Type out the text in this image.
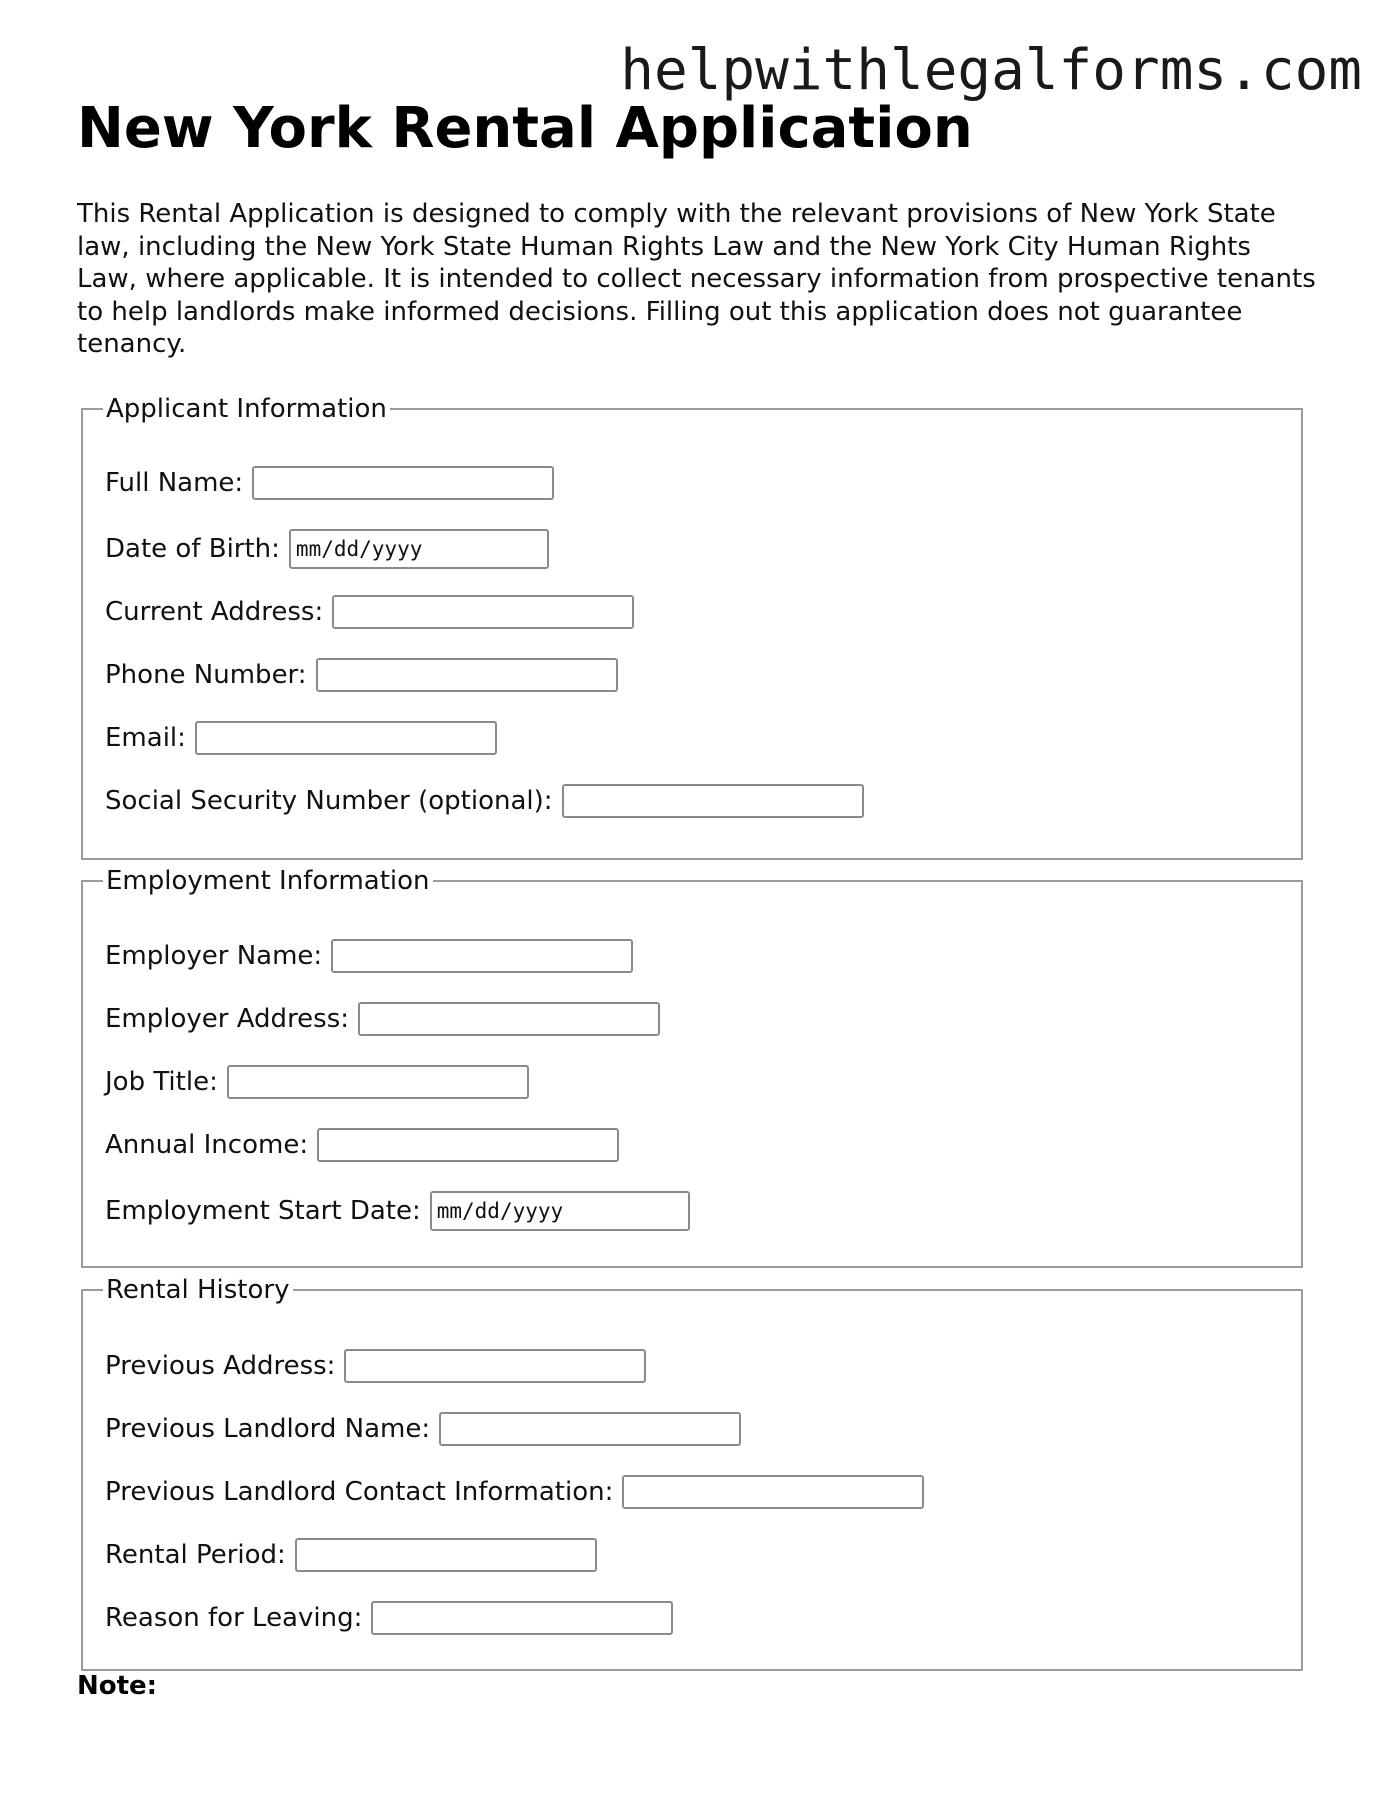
helpwithlegalforms.com
New York Rental Application

This Rental Application is designed to comply with the relevant provisions of New York State law, including the New York State Human Rights Law and the New York City Human Rights Law, where applicable. It is intended to collect necessary information from prospective tenants to help landlords make informed decisions. Filling out this application does not guarantee tenancy.

Applicant Information
Full Name:
Date of Birth: mm/dd/yyyy
Current Address:
Phone Number:
Email:
Social Security Number (optional):
Employment Information
Employer Name:
Employer Address:
Job Title:
Annual Income:
Employment Start Date: mm/dd/yyyy
Rental History
Previous Address:
Previous Landlord Name:
Previous Landlord Contact Information:
Rental Period:
Reason for Leaving:

Note:
